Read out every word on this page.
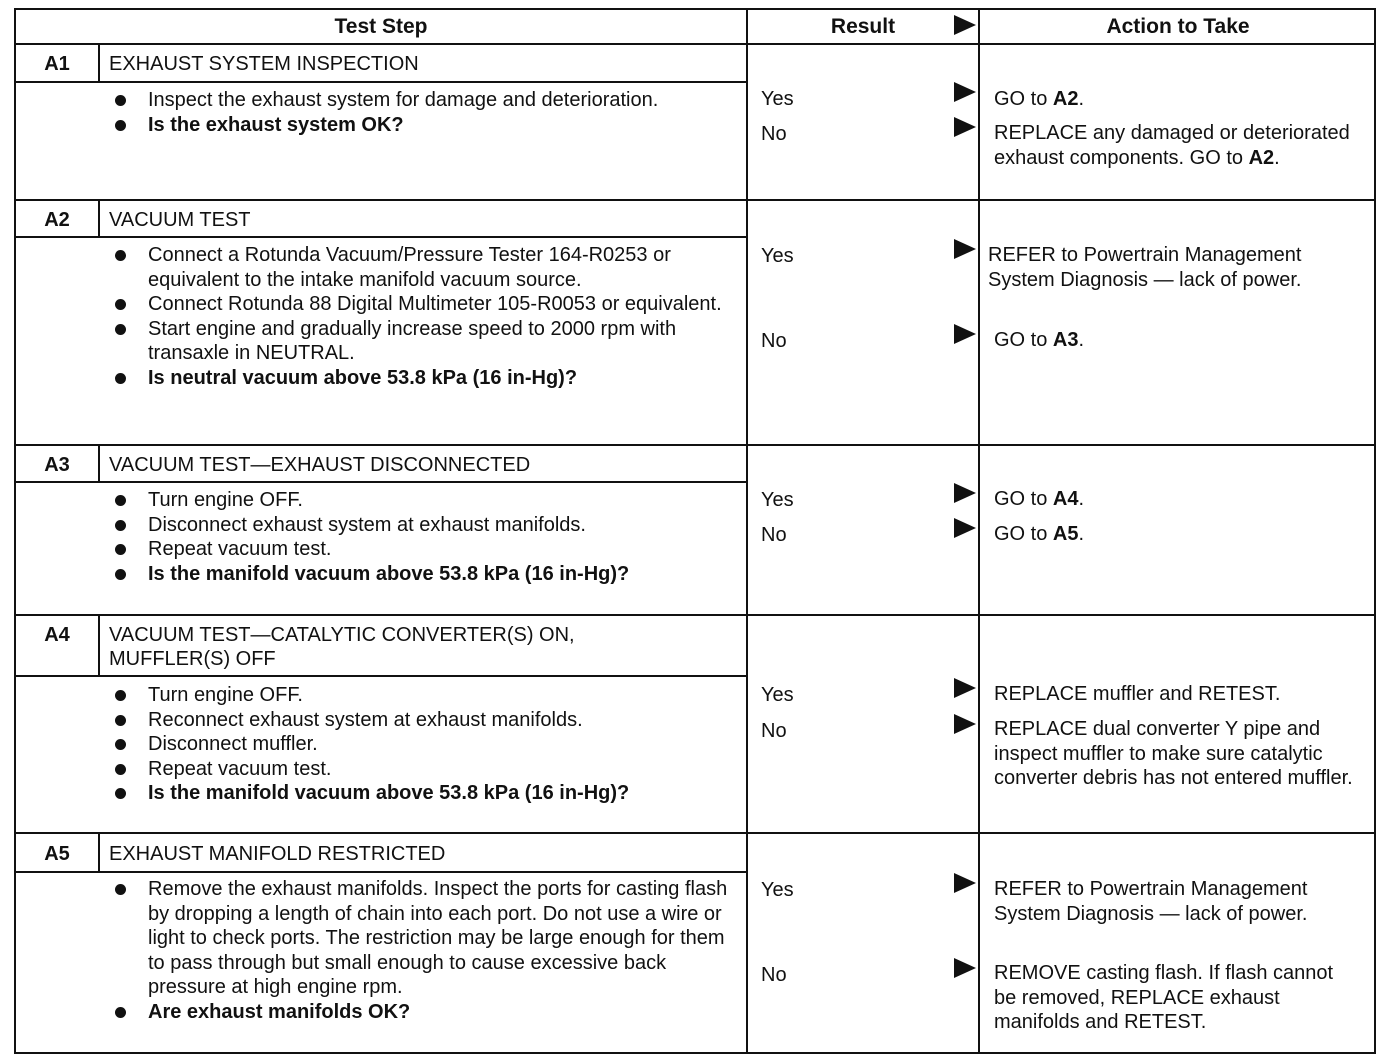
Test Step	Result	Action to Take
A1	EXHAUST SYSTEM INSPECTION
Inspect the exhaust system for damage and deterioration.
Is the exhaust system OK?
Yes	GO to A2.
No	REPLACE any damaged or deteriorated exhaust components. GO to A2.
A2	VACUUM TEST
Connect a Rotunda Vacuum/Pressure Tester 164-R0253 or equivalent to the intake manifold vacuum source.
Connect Rotunda 88 Digital Multimeter 105-R0053 or equivalent.
Start engine and gradually increase speed to 2000 rpm with transaxle in NEUTRAL.
Is neutral vacuum above 53.8 kPa (16 in-Hg)?
Yes	REFER to Powertrain Management System Diagnosis — lack of power.
No	GO to A3.
A3	VACUUM TEST—EXHAUST DISCONNECTED
Turn engine OFF.
Disconnect exhaust system at exhaust manifolds.
Repeat vacuum test.
Is the manifold vacuum above 53.8 kPa (16 in-Hg)?
Yes	GO to A4.
No	GO to A5.
A4	VACUUM TEST—CATALYTIC CONVERTER(S) ON, MUFFLER(S) OFF
Turn engine OFF.
Reconnect exhaust system at exhaust manifolds.
Disconnect muffler.
Repeat vacuum test.
Is the manifold vacuum above 53.8 kPa (16 in-Hg)?
Yes	REPLACE muffler and RETEST.
No	REPLACE dual converter Y pipe and inspect muffler to make sure catalytic converter debris has not entered muffler.
A5	EXHAUST MANIFOLD RESTRICTED
Remove the exhaust manifolds. Inspect the ports for casting flash by dropping a length of chain into each port. Do not use a wire or light to check ports. The restriction may be large enough for them to pass through but small enough to cause excessive back pressure at high engine rpm.
Are exhaust manifolds OK?
Yes	REFER to Powertrain Management System Diagnosis — lack of power.
No	REMOVE casting flash. If flash cannot be removed, REPLACE exhaust manifolds and RETEST.
